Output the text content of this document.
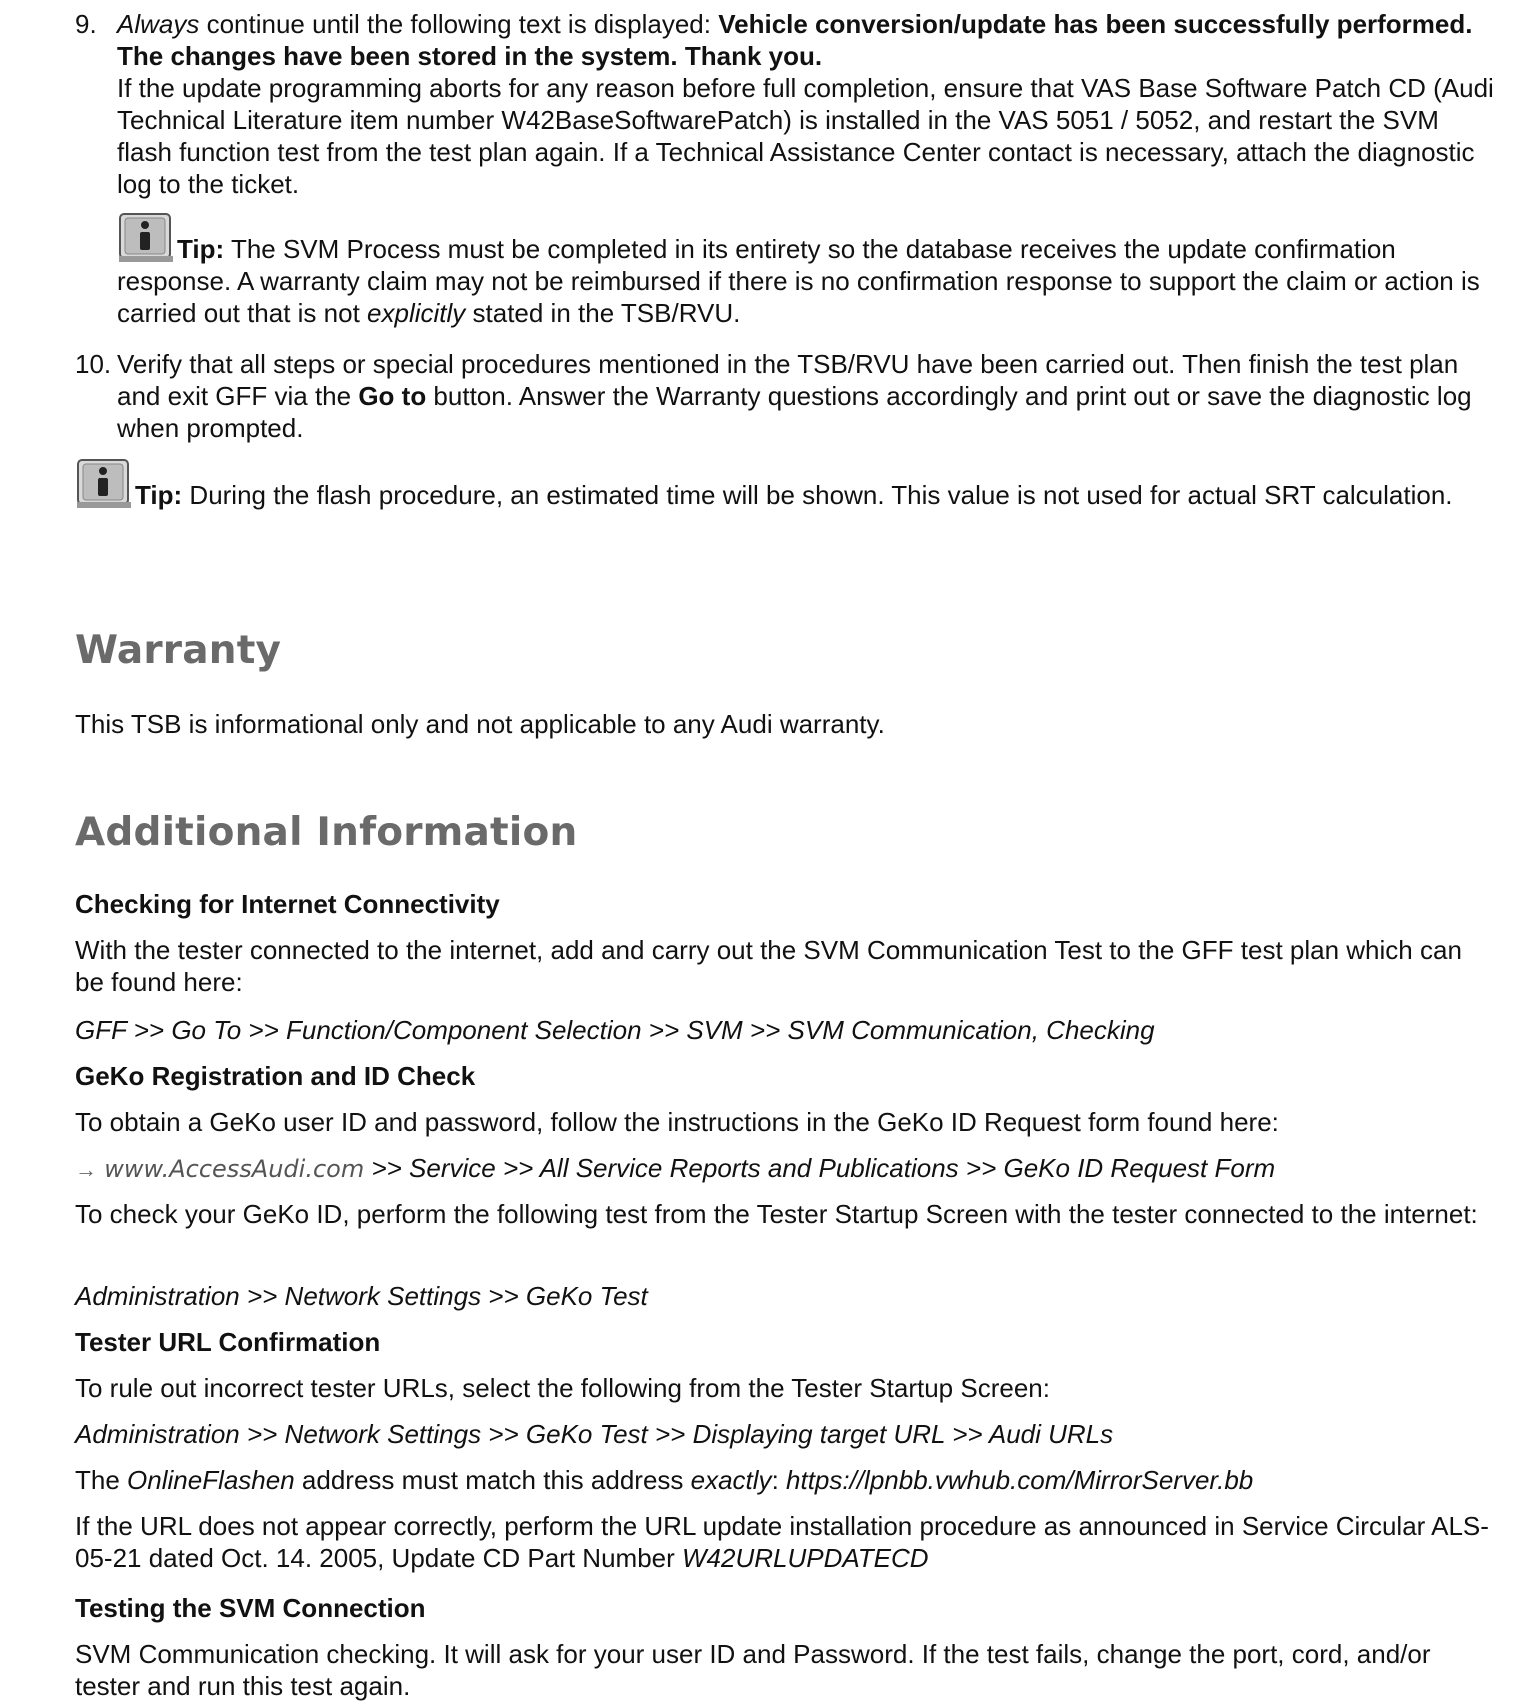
9. Always continue until the following text is displayed: Vehicle conversion/update has been successfully performed. The changes have been stored in the system. Thank you.

If the update programming aborts for any reason before full completion, ensure that VAS Base Software Patch CD (Audi Technical Literature item number W42BaseSoftwarePatch) is installed in the VAS 5051 / 5052, and restart the SVM flash function test from the test plan again. If a Technical Assistance Center contact is necessary, attach the diagnostic log to the ticket.

Tip: The SVM Process must be completed in its entirety so the database receives the update confirmation response. A warranty claim may not be reimbursed if there is no confirmation response to support the claim or action is carried out that is not explicitly stated in the TSB/RVU.

10. Verify that all steps or special procedures mentioned in the TSB/RVU have been carried out. Then finish the test plan and exit GFF via the Go to button. Answer the Warranty questions accordingly and print out or save the diagnostic log when prompted.

Tip: During the flash procedure, an estimated time will be shown. This value is not used for actual SRT calculation.

Warranty

This TSB is informational only and not applicable to any Audi warranty.

Additional Information

Checking for Internet Connectivity

With the tester connected to the internet, add and carry out the SVM Communication Test to the GFF test plan which can be found here:

GFF >> Go To >> Function/Component Selection >> SVM >> SVM Communication, Checking

GeKo Registration and ID Check

To obtain a GeKo user ID and password, follow the instructions in the GeKo ID Request form found here:

→ www.AccessAudi.com >> Service >> All Service Reports and Publications >> GeKo ID Request Form

To check your GeKo ID, perform the following test from the Tester Startup Screen with the tester connected to the internet:

Administration >> Network Settings >> GeKo Test

Tester URL Confirmation

To rule out incorrect tester URLs, select the following from the Tester Startup Screen:

Administration >> Network Settings >> GeKo Test >> Displaying target URL >> Audi URLs

The OnlineFlashen address must match this address exactly: https://lpnbb.vwhub.com/MirrorServer.bb

If the URL does not appear correctly, perform the URL update installation procedure as announced in Service Circular ALS-05-21 dated Oct. 14. 2005, Update CD Part Number W42URLUPDATECD

Testing the SVM Connection

SVM Communication checking. It will ask for your user ID and Password. If the test fails, change the port, cord, and/or tester and run this test again.
